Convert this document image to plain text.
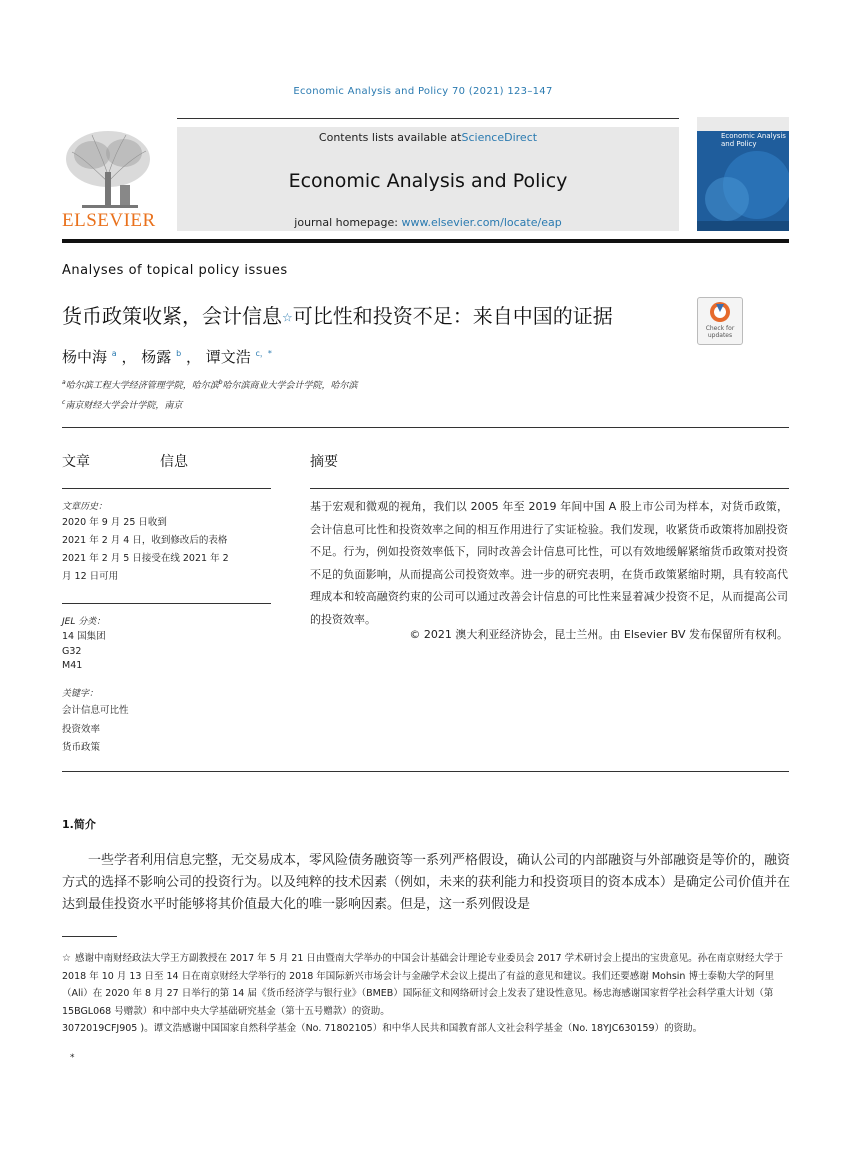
Economic Analysis and Policy 70 (2021) 123–147
ELSEVIER
Contents lists available atScienceDirect
Economic Analysis and Policy
journal homepage: www.elsevier.com/locate/eap
Economic Analysis
and Policy
Analyses of topical policy issues
货币政策收紧，会计信息☆可比性和投资不足：来自中国的证据
Check for
updates
杨中海 $^a$ ， 杨露 $^b$ ， 谭文浩 $^{c,*}$
$^a$哈尔滨工程大学经济管理学院，哈尔滨$^b$哈尔滨商业大学会计学院，哈尔滨
$^c$南京财经大学会计学院，南京
文章	信息
文章历史：
2020 年 9 月 25 日收到
2021 年 2 月 4 日，收到修改后的表格
2021 年 2 月 5 日接受在线 2021 年 2
月 12 日可用
JEL 分类：
14 国集团
G32
M41
关键字：
会计信息可比性
投资效率
货币政策
摘要
基于宏观和微观的视角，我们以 2005 年至 2019 年间中国 A 股上市公司为样本，对货币政策，会计信息可比性和投资效率之间的相互作用进行了实证检验。我们发现，收紧货币政策将加剧投资不足。行为，例如投资效率低下，同时改善会计信息可比性，可以有效地缓解紧缩货币政策对投资不足的负面影响，从而提高公司投资效率。进一步的研究表明，在货币政策紧缩时期，具有较高代理成本和较高融资约束的公司可以通过改善会计信息的可比性来显着减少投资不足，从而提高公司的投资效率。
© 2021 澳大利亚经济协会，昆士兰州。由 Elsevier BV 发布保留所有权利。
1.简介
一些学者利用信息完整，无交易成本，零风险债务融资等一系列严格假设，确认公司的内部融资与外部融资是等价的，融资方式的选择不影响公司的投资行为。以及纯粹的技术因素（例如，未来的获利能力和投资项目的资本成本）是确定公司价值并在达到最佳投资水平时能够将其价值最大化的唯一影响因素。但是，这一系列假设是
☆ 感谢中南财经政法大学王方副教授在 2017 年 5 月 21 日由暨南大学举办的中国会计基础会计理论专业委员会 2017 学术研讨会上提出的宝贵意见。孙在南京财经大学于 2018 年 10 月 13 日至 14 日在南京财经大学举行的 2018 年国际新兴市场会计与金融学术会议上提出了有益的意见和建议。我们还要感谢 Mohsin 博士泰勒大学的阿里（Ali）在 2020 年 8 月 27 日举行的第 14 届《货币经济学与银行业》（BMEB）国际征文和网络研讨会上发表了建设性意见。杨忠海感谢国家哲学社会科学重大计划（第 15BGL068 号赠款）和中部中央大学基础研究基金（第十五号赠款）的资助。
3072019CFJ905 )。谭文浩感谢中国国家自然科学基金（No. 71802105）和中华人民共和国教育部人文社会科学基金（No. 18YJC630159）的资助。
*
